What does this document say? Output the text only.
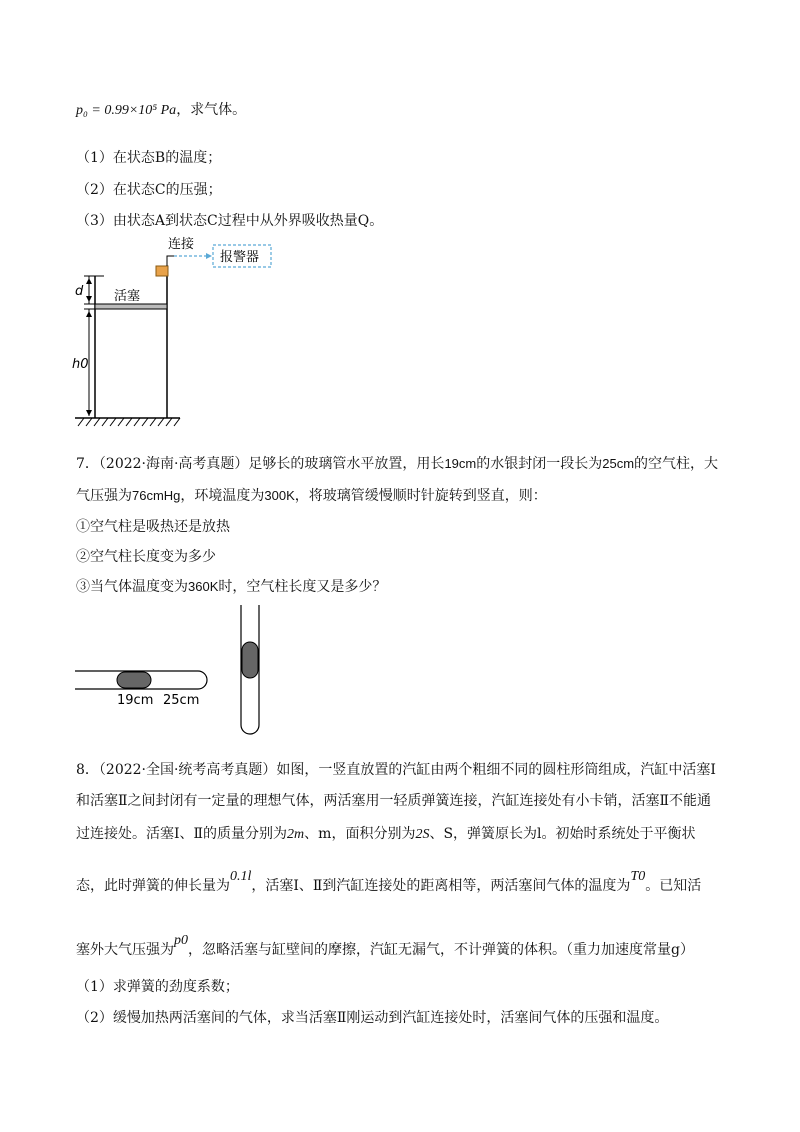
p₀ = 0.99×10⁵ Pa，求气体。
（1）在状态B的温度；
（2）在状态C的压强；
（3）由状态A到状态C过程中从外界吸收热量Q。
d
h0
活塞
连接
报警器
7．（2022·海南·高考真题）足够长的玻璃管水平放置，用长19cm的水银封闭一段长为25cm的空气柱，大
气压强为76cmHg，环境温度为300K，将玻璃管缓慢顺时针旋转到竖直，则：
①空气柱是吸热还是放热
②空气柱长度变为多少
③当气体温度变为360K时，空气柱长度又是多少？
19cm 25cm
8．（2022·全国·统考高考真题）如图，一竖直放置的汽缸由两个粗细不同的圆柱形筒组成，汽缸中活塞Ⅰ
和活塞Ⅱ之间封闭有一定量的理想气体，两活塞用一轻质弹簧连接，汽缸连接处有小卡销，活塞Ⅱ不能通
过连接处。活塞Ⅰ、Ⅱ的质量分别为2m、m，面积分别为2S、S，弹簧原长为l。初始时系统处于平衡状
态，此时弹簧的伸长量为0.1l，活塞Ⅰ、Ⅱ到汽缸连接处的距离相等，两活塞间气体的温度为T0。已知活
塞外大气压强为p0，忽略活塞与缸壁间的摩擦，汽缸无漏气，不计弹簧的体积。（重力加速度常量g）
（1）求弹簧的劲度系数；
（2）缓慢加热两活塞间的气体，求当活塞Ⅱ刚运动到汽缸连接处时，活塞间气体的压强和温度。
